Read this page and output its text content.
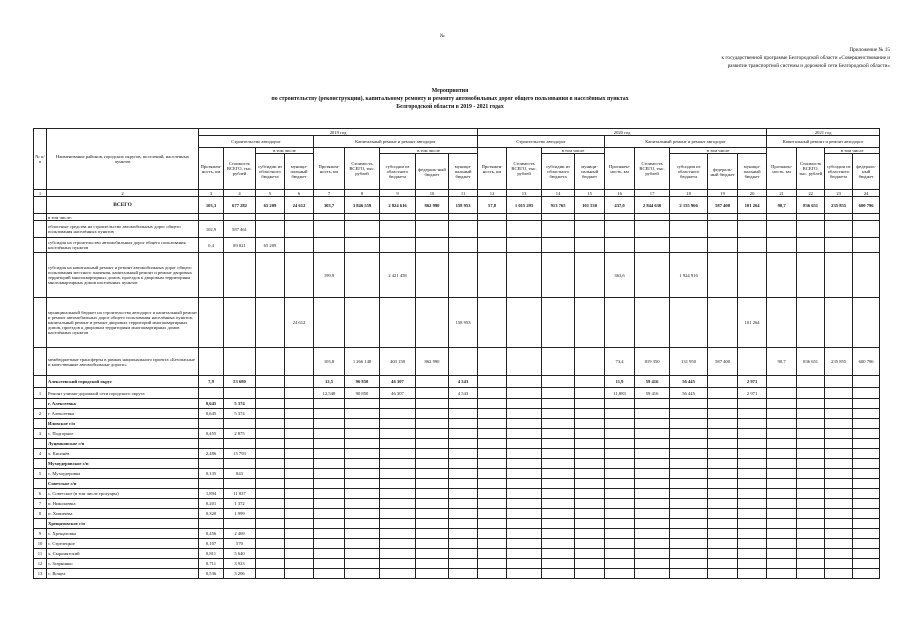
№
Приложение № 15
к государственной программе Белгородской области «Совершенствование и
развитие транспортной системы и дорожной сети Белгородской области»
Мероприятия
по строительству (реконструкции), капитальному ремонту и ремонту автомобильных дорог общего пользования в населённых пунктах
Белгородской области в 2019 - 2021 годах
№ п/п	Наименование районов, городских округов, поселений, населенных пунктов	2019 год									2020 год									2021 год			
		Строительство автодорог				Капитальный ремонт и ремонт автодорог					Строительство автодорог				Капитальный ремонт и ремонт автодорог					Капитальный ремонт и ремонт автодорог			
		Протяжен-ность, км	Стоимость ВСЕГО, тыс. рублей	в том числе		Протяжен-ность, км	Стоимость ВСЕГО, тыс. рублей	в том числе			Протяжен-ность, км	Стоимость ВСЕГО, тыс. рублей	в том числе		Протяжен-ность, км	Стоимость ВСЕГО, тыс. рублей	в том числе			Протяжен-ность, км	Стоимость ВСЕГО, тыс. рублей	в том числе	
				субсидии из областного бюджета	муници-пальный бюджет			субсидии из областного бюджета	федераль-ный бюджет	муници-пальный бюджет			субсидии из областного бюджета	муници-пальный бюджет			субсидии из областного бюджета	федераль-ный бюджет	муници-пальный бюджет			субсидии из областного бюджета	федераль-ный бюджет
1	2	3	4	5	6	7	8	9	10	11	12	13	14	15	16	17	18	19	20	21	22	23	24
	ВСЕГО	103,3	677 282	65 209	24 612	303,7	3 846 559	2 824 616	862 990	158 953	57,8	1 015 295	913 765	101 530	437,0	2 844 630	2 155 966	587 400	101 264	90,7	836 651	235 855	600 796
	в том числе:																						
	областные средства на строительство автомобильных дорог общего пользования населённых пунктов	102,9	587 461																				
	субсидия на строительство автомобильных дорог общего пользования населённых пунктов	0,4	89 821	65 209																			
	субсидия на капитальный ремонт и ремонт автомобильных дорог общего пользования местного значения, капитальный ремонт и ремонт дворовых территорий многоквартирных домов, проездов к дворовым территориям многоквартирных домов населённых пунктов					199,9		2 421 458							363,6		1 924 916						
	муниципальный бюджет на строительство автодорог и капитальный ремонт и ремонт автомобильных дорог общего пользования населённых пунктов, капитальный ремонт и ремонт дворовых территорий многоквартирных домов, проездов к дворовым территориям многоквартирных домов населённых пунктов				24 612					158 953									101 264				
	межбюджетные трансферты в рамках национального проекта «Безопасные и качественные автомобильные дороги»					103,8	1 266 148	403 158	862 990						73,4	819 350	131 950	587 400		90,7	836 651	235 855	600 796
	Алексеевский городской округ	7,9	53 680			12,5	96 850	46 307		4 543					11,9	59 416	56 445		2 971				
1	Ремонт улично-дорожной сети городского округа					12,548	90 850	46 307		4 543					11,883	59 416	56 445		2 971				
	г. Алексеевка	0,645	5 374																				
2	г. Алексеевка	0,645	5 374																				
	Иловское с/п																						
3	с. Подгорное	0,455	2 875																				
	Луценковское с/п																						
4	х. Кисинёв	2,486	15 793																				
	Мухоудеровское с/п																						
5	с. Мухоудеровка	0,135	843																				
	Советское с/п																						
6	с. Советское (в том числе тротуары)	1,894	11 837																				
7	п. Николаевка	0,201	1 372																				
8	п. Химичева	0,320	1 999																				
	Хрещатовское с/п																						
9	с. Хрещатовка	0,456	2 469																				
10	с. Стрелецкое	0,107	570																				
11	х. Сыромятский	0,811	5 640																				
12	с. Згарнинко	0,711	3 923																				
13	с. Вощеа	0,536	3 206																				
